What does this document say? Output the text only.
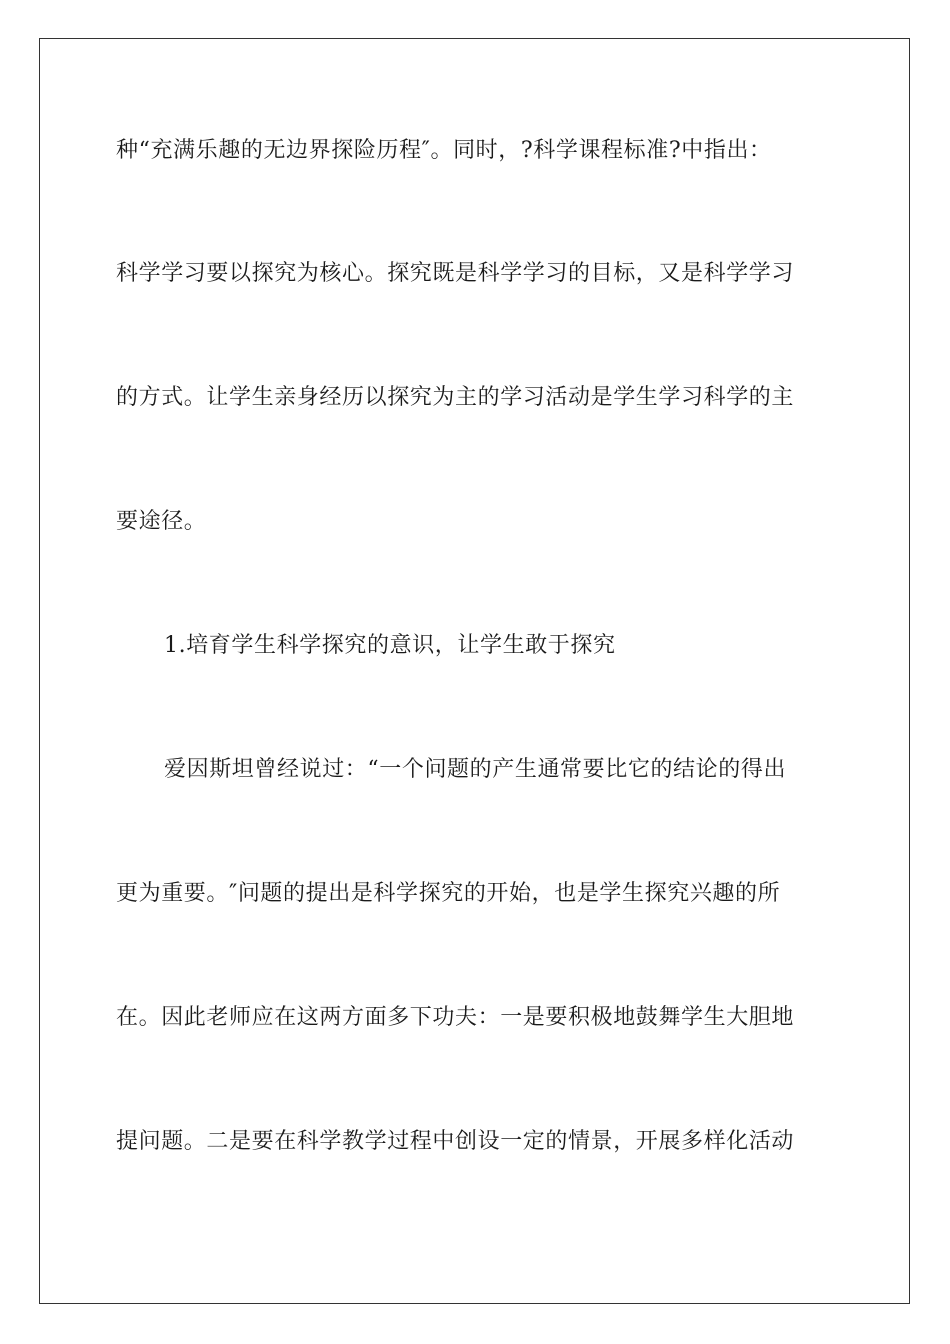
种“充满乐趣的无边界探险历程″。同时，?科学课程标准?中指出：
科学学习要以探究为核心。探究既是科学学习的目标，又是科学学习
的方式。让学生亲身经历以探究为主的学习活动是学生学习科学的主
要途径。
1.培育学生科学探究的意识，让学生敢于探究
爱因斯坦曾经说过：“一个问题的产生通常要比它的结论的得出
更为重要。″问题的提出是科学探究的开始，也是学生探究兴趣的所
在。因此老师应在这两方面多下功夫：一是要积极地鼓舞学生大胆地
提问题。二是要在科学教学过程中创设一定的情景，开展多样化活动
